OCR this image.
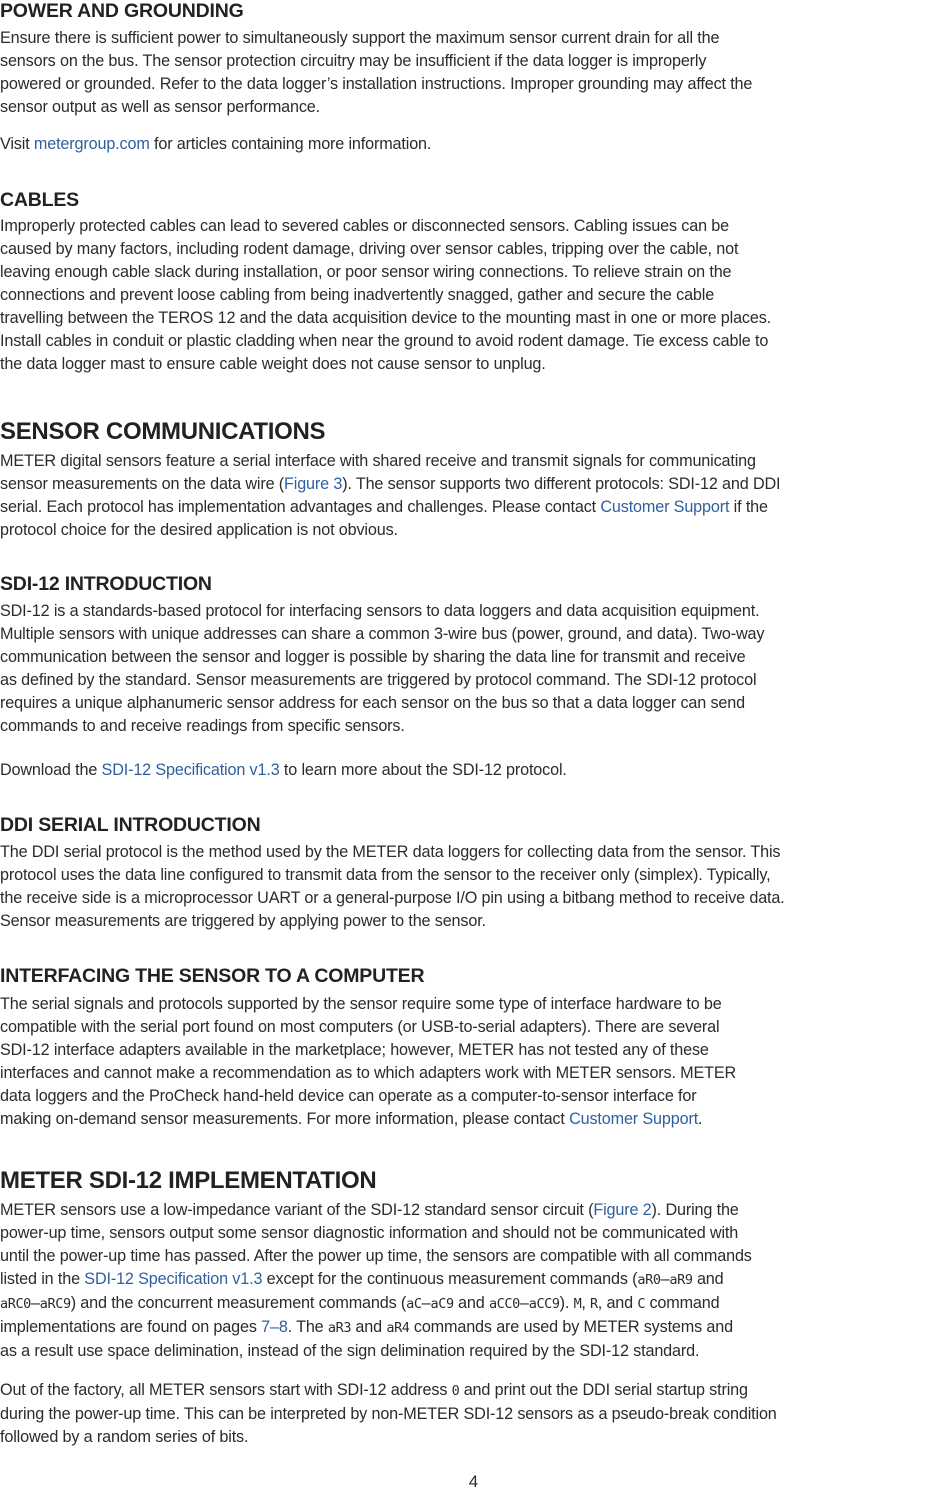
POWER AND GROUNDING

Ensure there is sufficient power to simultaneously support the maximum sensor current drain for all the
sensors on the bus. The sensor protection circuitry may be insufficient if the data logger is improperly
powered or grounded. Refer to the data logger’s installation instructions. Improper grounding may affect the
sensor output as well as sensor performance.

Visit metergroup.com for articles containing more information.

CABLES

Improperly protected cables can lead to severed cables or disconnected sensors. Cabling issues can be
caused by many factors, including rodent damage, driving over sensor cables, tripping over the cable, not
leaving enough cable slack during installation, or poor sensor wiring connections. To relieve strain on the
connections and prevent loose cabling from being inadvertently snagged, gather and secure the cable
travelling between the TEROS 12 and the data acquisition device to the mounting mast in one or more places.
Install cables in conduit or plastic cladding when near the ground to avoid rodent damage. Tie excess cable to
the data logger mast to ensure cable weight does not cause sensor to unplug.

SENSOR COMMUNICATIONS

METER digital sensors feature a serial interface with shared receive and transmit signals for communicating
sensor measurements on the data wire (Figure 3). The sensor supports two different protocols: SDI-12 and DDI
serial. Each protocol has implementation advantages and challenges. Please contact Customer Support if the
protocol choice for the desired application is not obvious.

SDI-12 INTRODUCTION

SDI-12 is a standards-based protocol for interfacing sensors to data loggers and data acquisition equipment.
Multiple sensors with unique addresses can share a common 3-wire bus (power, ground, and data). Two-way
communication between the sensor and logger is possible by sharing the data line for transmit and receive
as defined by the standard. Sensor measurements are triggered by protocol command. The SDI-12 protocol
requires a unique alphanumeric sensor address for each sensor on the bus so that a data logger can send
commands to and receive readings from specific sensors.

Download the SDI-12 Specification v1.3 to learn more about the SDI-12 protocol.

DDI SERIAL INTRODUCTION

The DDI serial protocol is the method used by the METER data loggers for collecting data from the sensor. This
protocol uses the data line configured to transmit data from the sensor to the receiver only (simplex). Typically,
the receive side is a microprocessor UART or a general-purpose I/O pin using a bitbang method to receive data.
Sensor measurements are triggered by applying power to the sensor.

INTERFACING THE SENSOR TO A COMPUTER

The serial signals and protocols supported by the sensor require some type of interface hardware to be
compatible with the serial port found on most computers (or USB-to-serial adapters). There are several
SDI-12 interface adapters available in the marketplace; however, METER has not tested any of these
interfaces and cannot make a recommendation as to which adapters work with METER sensors. METER
data loggers and the ProCheck hand-held device can operate as a computer-to-sensor interface for
making on-demand sensor measurements. For more information, please contact Customer Support.

METER SDI-12 IMPLEMENTATION

METER sensors use a low-impedance variant of the SDI-12 standard sensor circuit (Figure 2). During the
power-up time, sensors output some sensor diagnostic information and should not be communicated with
until the power-up time has passed. After the power up time, the sensors are compatible with all commands
listed in the SDI-12 Specification v1.3 except for the continuous measurement commands (aR0–aR9 and
aRC0–aRC9) and the concurrent measurement commands (aC–aC9 and aCC0–aCC9). M, R, and C command
implementations are found on pages 7–8. The aR3 and aR4 commands are used by METER systems and
as a result use space delimination, instead of the sign delimination required by the SDI-12 standard.

Out of the factory, all METER sensors start with SDI-12 address 0 and print out the DDI serial startup string
during the power-up time. This can be interpreted by non-METER SDI-12 sensors as a pseudo-break condition
followed by a random series of bits.

4
